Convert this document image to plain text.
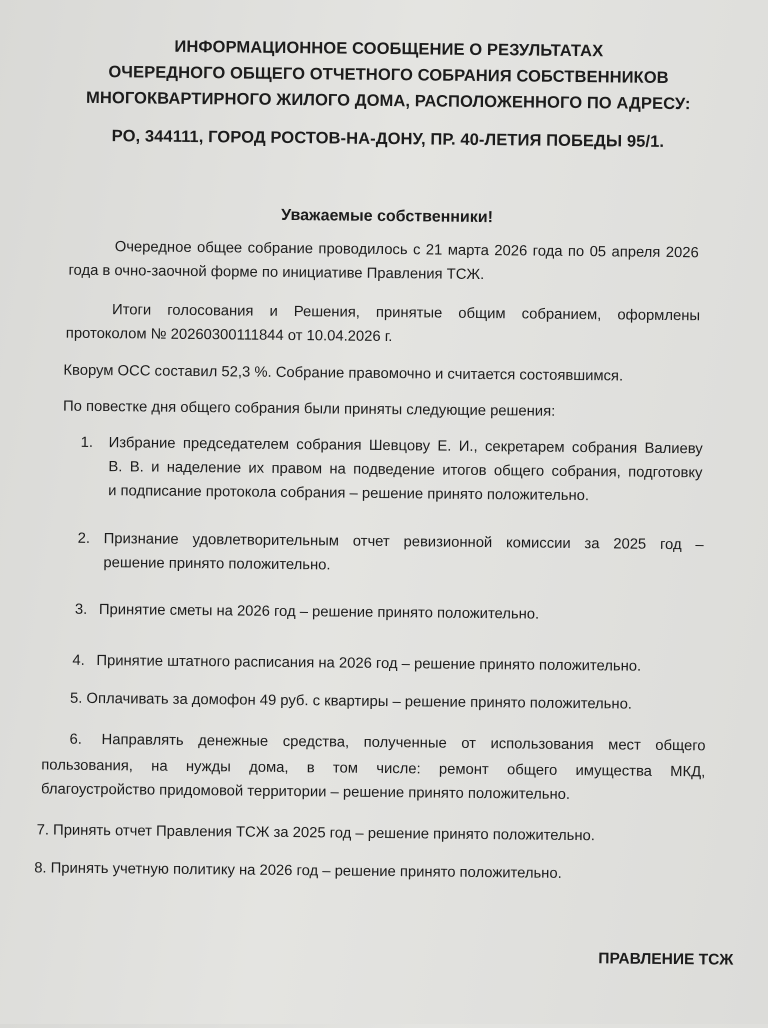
ИНФОРМАЦИОННОЕ СООБЩЕНИЕ О РЕЗУЛЬТАТАХ
ОЧЕРЕДНОГО ОБЩЕГО ОТЧЕТНОГО СОБРАНИЯ СОБСТВЕННИКОВ
МНОГОКВАРТИРНОГО ЖИЛОГО ДОМА, РАСПОЛОЖЕННОГО ПО АДРЕСУ:
РО, 344111, ГОРОД РОСТОВ-НА-ДОНУ, ПР. 40-ЛЕТИЯ ПОБЕДЫ 95/1.
Уважаемые собственники!
Очередное общее собрание проводилось с 21 марта 2026 года по 05 апреля 2026
года в очно-заочной форме по инициативе Правления ТСЖ.
Итоги голосования и Решения, принятые общим собранием, оформлены
протоколом № 20260300111844 от 10.04.2026 г.
Кворум ОСС составил 52,3 %. Собрание правомочно и считается состоявшимся.
По повестке дня общего собрания были приняты следующие решения:
1. Избрание председателем собрания Шевцову Е. И., секретарем собрания Валиеву
В. В. и наделение их правом на подведение итогов общего собрания, подготовку
и подписание протокола собрания – решение принято положительно.
2. Признание удовлетворительным отчет ревизионной комиссии за 2025 год –
решение принято положительно.
3. Принятие сметы на 2026 год – решение принято положительно.
4. Принятие штатного расписания на 2026 год – решение принято положительно.
5. Оплачивать за домофон 49 руб. с квартиры – решение принято положительно.
6. Направлять денежные средства, полученные от использования мест общего
пользования, на нужды дома, в том числе: ремонт общего имущества МКД,
благоустройство придомовой территории – решение принято положительно.
7. Принять отчет Правления ТСЖ за 2025 год – решение принято положительно.
8. Принять учетную политику на 2026 год – решение принято положительно.
ПРАВЛЕНИЕ ТСЖ
